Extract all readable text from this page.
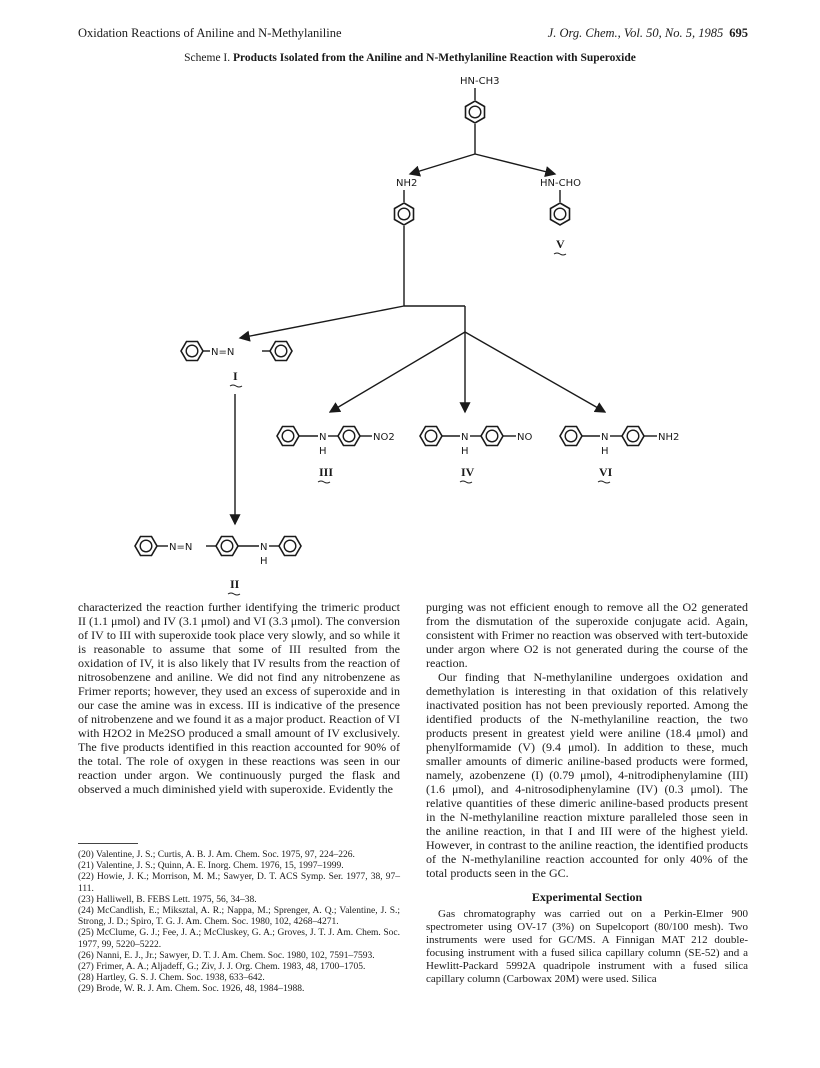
Oxidation Reactions of Aniline and N-Methylaniline	J. Org. Chem., Vol. 50, No. 5, 1985 695
Scheme I. Products Isolated from the Aniline and N-Methylaniline Reaction with Superoxide
HN-CH3
NH2	HN-CHO
V
N=N
I
N
H
NO2
III
N
H
NO
IV
N
H
NH2
VI
N=N	N
H
II

characterized the reaction further identifying the trimeric product II (1.1 μmol) and IV (3.1 μmol) and VI (3.3 μmol). The conversion of IV to III with superoxide took place very slowly, and so while it is reasonable to assume that some of III resulted from the oxidation of IV, it is also likely that IV results from the reaction of nitrosobenzene and aniline. We did not find any nitrobenzene as Frimer reports; however, they used an excess of superoxide and in our case the amine was in excess. III is indicative of the presence of nitrobenzene and we found it as a major product. Reaction of VI with H2O2 in Me2SO produced a small amount of IV exclusively. The five products identified in this reaction accounted for 90% of the total. The role of oxygen in these reactions was seen in our reaction under argon. We continuously purged the flask and observed a much diminished yield with superoxide. Evidently the

(20) Valentine, J. S.; Curtis, A. B. J. Am. Chem. Soc. 1975, 97, 224–226.
(21) Valentine, J. S.; Quinn, A. E. Inorg. Chem. 1976, 15, 1997–1999.
(22) Howie, J. K.; Morrison, M. M.; Sawyer, D. T. ACS Symp. Ser. 1977, 38, 97–111.
(23) Halliwell, B. FEBS Lett. 1975, 56, 34–38.
(24) McCandlish, E.; Miksztal, A. R.; Nappa, M.; Sprenger, A. Q.; Valentine, J. S.; Strong, J. D.; Spiro, T. G. J. Am. Chem. Soc. 1980, 102, 4268–4271.
(25) McClume, G. J.; Fee, J. A.; McCluskey, G. A.; Groves, J. T. J. Am. Chem. Soc. 1977, 99, 5220–5222.
(26) Nanni, E. J., Jr.; Sawyer, D. T. J. Am. Chem. Soc. 1980, 102, 7591–7593.
(27) Frimer, A. A.; Aljadeff, G.; Ziv, J. J. Org. Chem. 1983, 48, 1700–1705.
(28) Hartley, G. S. J. Chem. Soc. 1938, 633–642.
(29) Brode, W. R. J. Am. Chem. Soc. 1926, 48, 1984–1988.

purging was not efficient enough to remove all the O2 generated from the dismutation of the superoxide conjugate acid. Again, consistent with Frimer no reaction was observed with tert-butoxide under argon where O2 is not generated during the course of the reaction.

Our finding that N-methylaniline undergoes oxidation and demethylation is interesting in that oxidation of this relatively inactivated position has not been previously reported. Among the identified products of the N-methylaniline reaction, the two products present in greatest yield were aniline (18.4 μmol) and phenylformamide (V) (9.4 μmol). In addition to these, much smaller amounts of dimeric aniline-based products were formed, namely, azobenzene (I) (0.79 μmol), 4-nitrodiphenylamine (III) (1.6 μmol), and 4-nitrosodiphenylamine (IV) (0.3 μmol). The relative quantities of these dimeric aniline-based products present in the N-methylaniline reaction mixture paralleled those seen in the aniline reaction, in that I and III were of the highest yield. However, in contrast to the aniline reaction, the identified products of the N-methylaniline reaction accounted for only 40% of the total products seen in the GC.

Experimental Section

Gas chromatography was carried out on a Perkin-Elmer 900 spectrometer using OV-17 (3%) on Supelcoport (80/100 mesh). Two instruments were used for GC/MS. A Finnigan MAT 212 double-focusing instrument with a fused silica capillary column (SE-52) and a Hewlitt-Packard 5992A quadripole instrument with a fused silica capillary column (Carbowax 20M) were used. Silica
